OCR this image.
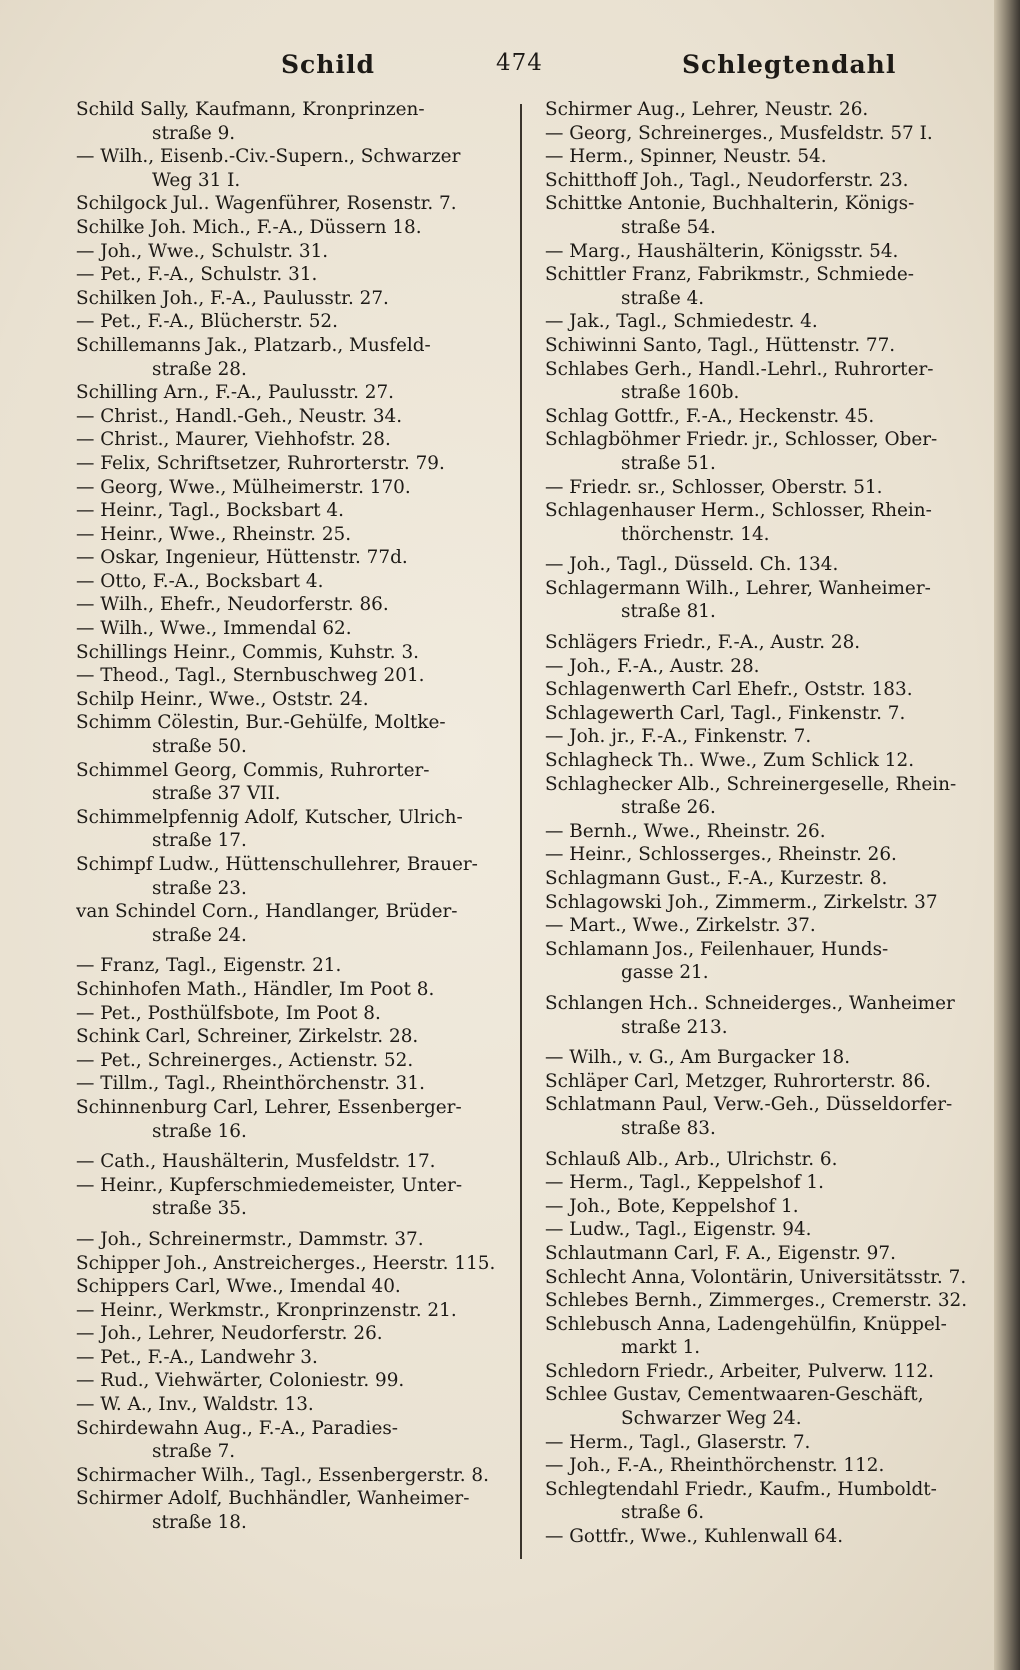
Schild	474	Schlegtendahl
Schild Sally, Kaufmann, Kronprinzen-
straße 9.
— Wilh., Eisenb.-Civ.-Supern., Schwarzer
Weg 31 I.
Schilgock Jul.. Wagenführer, Rosenstr. 7.
Schilke Joh. Mich., F.-A., Düssern 18.
— Joh., Wwe., Schulstr. 31.
— Pet., F.-A., Schulstr. 31.
Schilken Joh., F.-A., Paulusstr. 27.
— Pet., F.-A., Blücherstr. 52.
Schillemanns Jak., Platzarb., Musfeld-
straße 28.
Schilling Arn., F.-A., Paulusstr. 27.
— Christ., Handl.-Geh., Neustr. 34.
— Christ., Maurer, Viehhofstr. 28.
— Felix, Schriftsetzer, Ruhrorterstr. 79.
— Georg, Wwe., Mülheimerstr. 170.
— Heinr., Tagl., Bocksbart 4.
— Heinr., Wwe., Rheinstr. 25.
— Oskar, Ingenieur, Hüttenstr. 77d.
— Otto, F.-A., Bocksbart 4.
— Wilh., Ehefr., Neudorferstr. 86.
— Wilh., Wwe., Immendal 62.
Schillings Heinr., Commis, Kuhstr. 3.
— Theod., Tagl., Sternbuschweg 201.
Schilp Heinr., Wwe., Oststr. 24.
Schimm Cölestin, Bur.-Gehülfe, Moltke-
straße 50.
Schimmel Georg, Commis, Ruhrorter-
straße 37 VII.
Schimmelpfennig Adolf, Kutscher, Ulrich-
straße 17.
Schimpf Ludw., Hüttenschullehrer, Brauer-
straße 23.
van Schindel Corn., Handlanger, Brüder-
straße 24.
— Franz, Tagl., Eigenstr. 21.
Schinhofen Math., Händler, Im Poot 8.
— Pet., Posthülfsbote, Im Poot 8.
Schink Carl, Schreiner, Zirkelstr. 28.
— Pet., Schreinerges., Actienstr. 52.
— Tillm., Tagl., Rheinthörchenstr. 31.
Schinnenburg Carl, Lehrer, Essenberger-
straße 16.
— Cath., Haushälterin, Musfeldstr. 17.
— Heinr., Kupferschmiedemeister, Unter-
straße 35.
— Joh., Schreinermstr., Dammstr. 37.
Schipper Joh., Anstreicherges., Heerstr. 115.
Schippers Carl, Wwe., Imendal 40.
— Heinr., Werkmstr., Kronprinzenstr. 21.
— Joh., Lehrer, Neudorferstr. 26.
— Pet., F.-A., Landwehr 3.
— Rud., Viehwärter, Coloniestr. 99.
— W. A., Inv., Waldstr. 13.
Schirdewahn Aug., F.-A., Paradies-
straße 7.
Schirmacher Wilh., Tagl., Essenbergerstr. 8.
Schirmer Adolf, Buchhändler, Wanheimer-
straße 18.
Schirmer Aug., Lehrer, Neustr. 26.
— Georg, Schreinerges., Musfeldstr. 57 I.
— Herm., Spinner, Neustr. 54.
Schitthoff Joh., Tagl., Neudorferstr. 23.
Schittke Antonie, Buchhalterin, Königs-
straße 54.
— Marg., Haushälterin, Königsstr. 54.
Schittler Franz, Fabrikmstr., Schmiede-
straße 4.
— Jak., Tagl., Schmiedestr. 4.
Schiwinni Santo, Tagl., Hüttenstr. 77.
Schlabes Gerh., Handl.-Lehrl., Ruhrorter-
straße 160b.
Schlag Gottfr., F.-A., Heckenstr. 45.
Schlagböhmer Friedr. jr., Schlosser, Ober-
straße 51.
— Friedr. sr., Schlosser, Oberstr. 51.
Schlagenhauser Herm., Schlosser, Rhein-
thörchenstr. 14.
— Joh., Tagl., Düsseld. Ch. 134.
Schlagermann Wilh., Lehrer, Wanheimer-
straße 81.
Schlägers Friedr., F.-A., Austr. 28.
— Joh., F.-A., Austr. 28.
Schlagenwerth Carl Ehefr., Oststr. 183.
Schlagewerth Carl, Tagl., Finkenstr. 7.
— Joh. jr., F.-A., Finkenstr. 7.
Schlagheck Th.. Wwe., Zum Schlick 12.
Schlaghecker Alb., Schreinergeselle, Rhein-
straße 26.
— Bernh., Wwe., Rheinstr. 26.
— Heinr., Schlosserges., Rheinstr. 26.
Schlagmann Gust., F.-A., Kurzestr. 8.
Schlagowski Joh., Zimmerm., Zirkelstr. 37
— Mart., Wwe., Zirkelstr. 37.
Schlamann Jos., Feilenhauer, Hunds-
gasse 21.
Schlangen Hch.. Schneiderges., Wanheimer
straße 213.
— Wilh., v. G., Am Burgacker 18.
Schläper Carl, Metzger, Ruhrorterstr. 86.
Schlatmann Paul, Verw.-Geh., Düsseldorfer-
straße 83.
Schlauß Alb., Arb., Ulrichstr. 6.
— Herm., Tagl., Keppelshof 1.
— Joh., Bote, Keppelshof 1.
— Ludw., Tagl., Eigenstr. 94.
Schlautmann Carl, F. A., Eigenstr. 97.
Schlecht Anna, Volontärin, Universitätsstr. 7.
Schlebes Bernh., Zimmerges., Cremerstr. 32.
Schlebusch Anna, Ladengehülfin, Knüppel-
markt 1.
Schledorn Friedr., Arbeiter, Pulverw. 112.
Schlee Gustav, Cementwaaren-Geschäft,
Schwarzer Weg 24.
— Herm., Tagl., Glaserstr. 7.
— Joh., F.-A., Rheinthörchenstr. 112.
Schlegtendahl Friedr., Kaufm., Humboldt-
straße 6.
— Gottfr., Wwe., Kuhlenwall 64.
